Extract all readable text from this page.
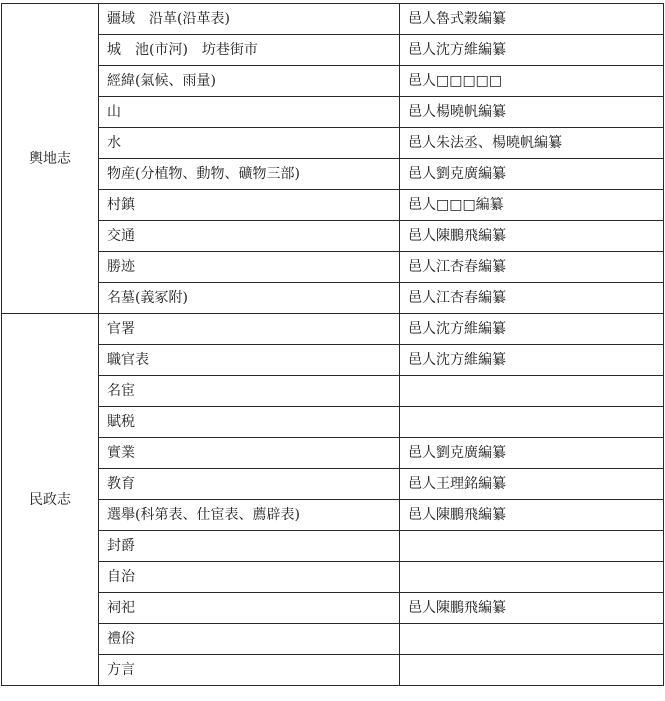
輿地志	疆域　沿革(沿革表)	邑人魯式穀編纂
	城　池(市河)　坊巷街市	邑人沈方維編纂
	經緯(氣候、雨量)	邑人□□□□□
	山	邑人楊曉帆編纂
	水	邑人朱法丞、楊曉帆編纂
	物産(分植物、動物、礦物三部)	邑人劉克廣編纂
	村鎮	邑人□□□編纂
	交通	邑人陳鵬飛編纂
	勝迹	邑人江杏春編纂
	名墓(義冢附)	邑人江杏春編纂
民政志	官署	邑人沈方維編纂
	職官表	邑人沈方維編纂
	名宦	
	賦税	
	實業	邑人劉克廣編纂
	教育	邑人王理銘編纂
	選舉(科第表、仕宦表、薦辟表)	邑人陳鵬飛編纂
	封爵	
	自治	
	祠祀	邑人陳鵬飛編纂
	禮俗	
	方言	
